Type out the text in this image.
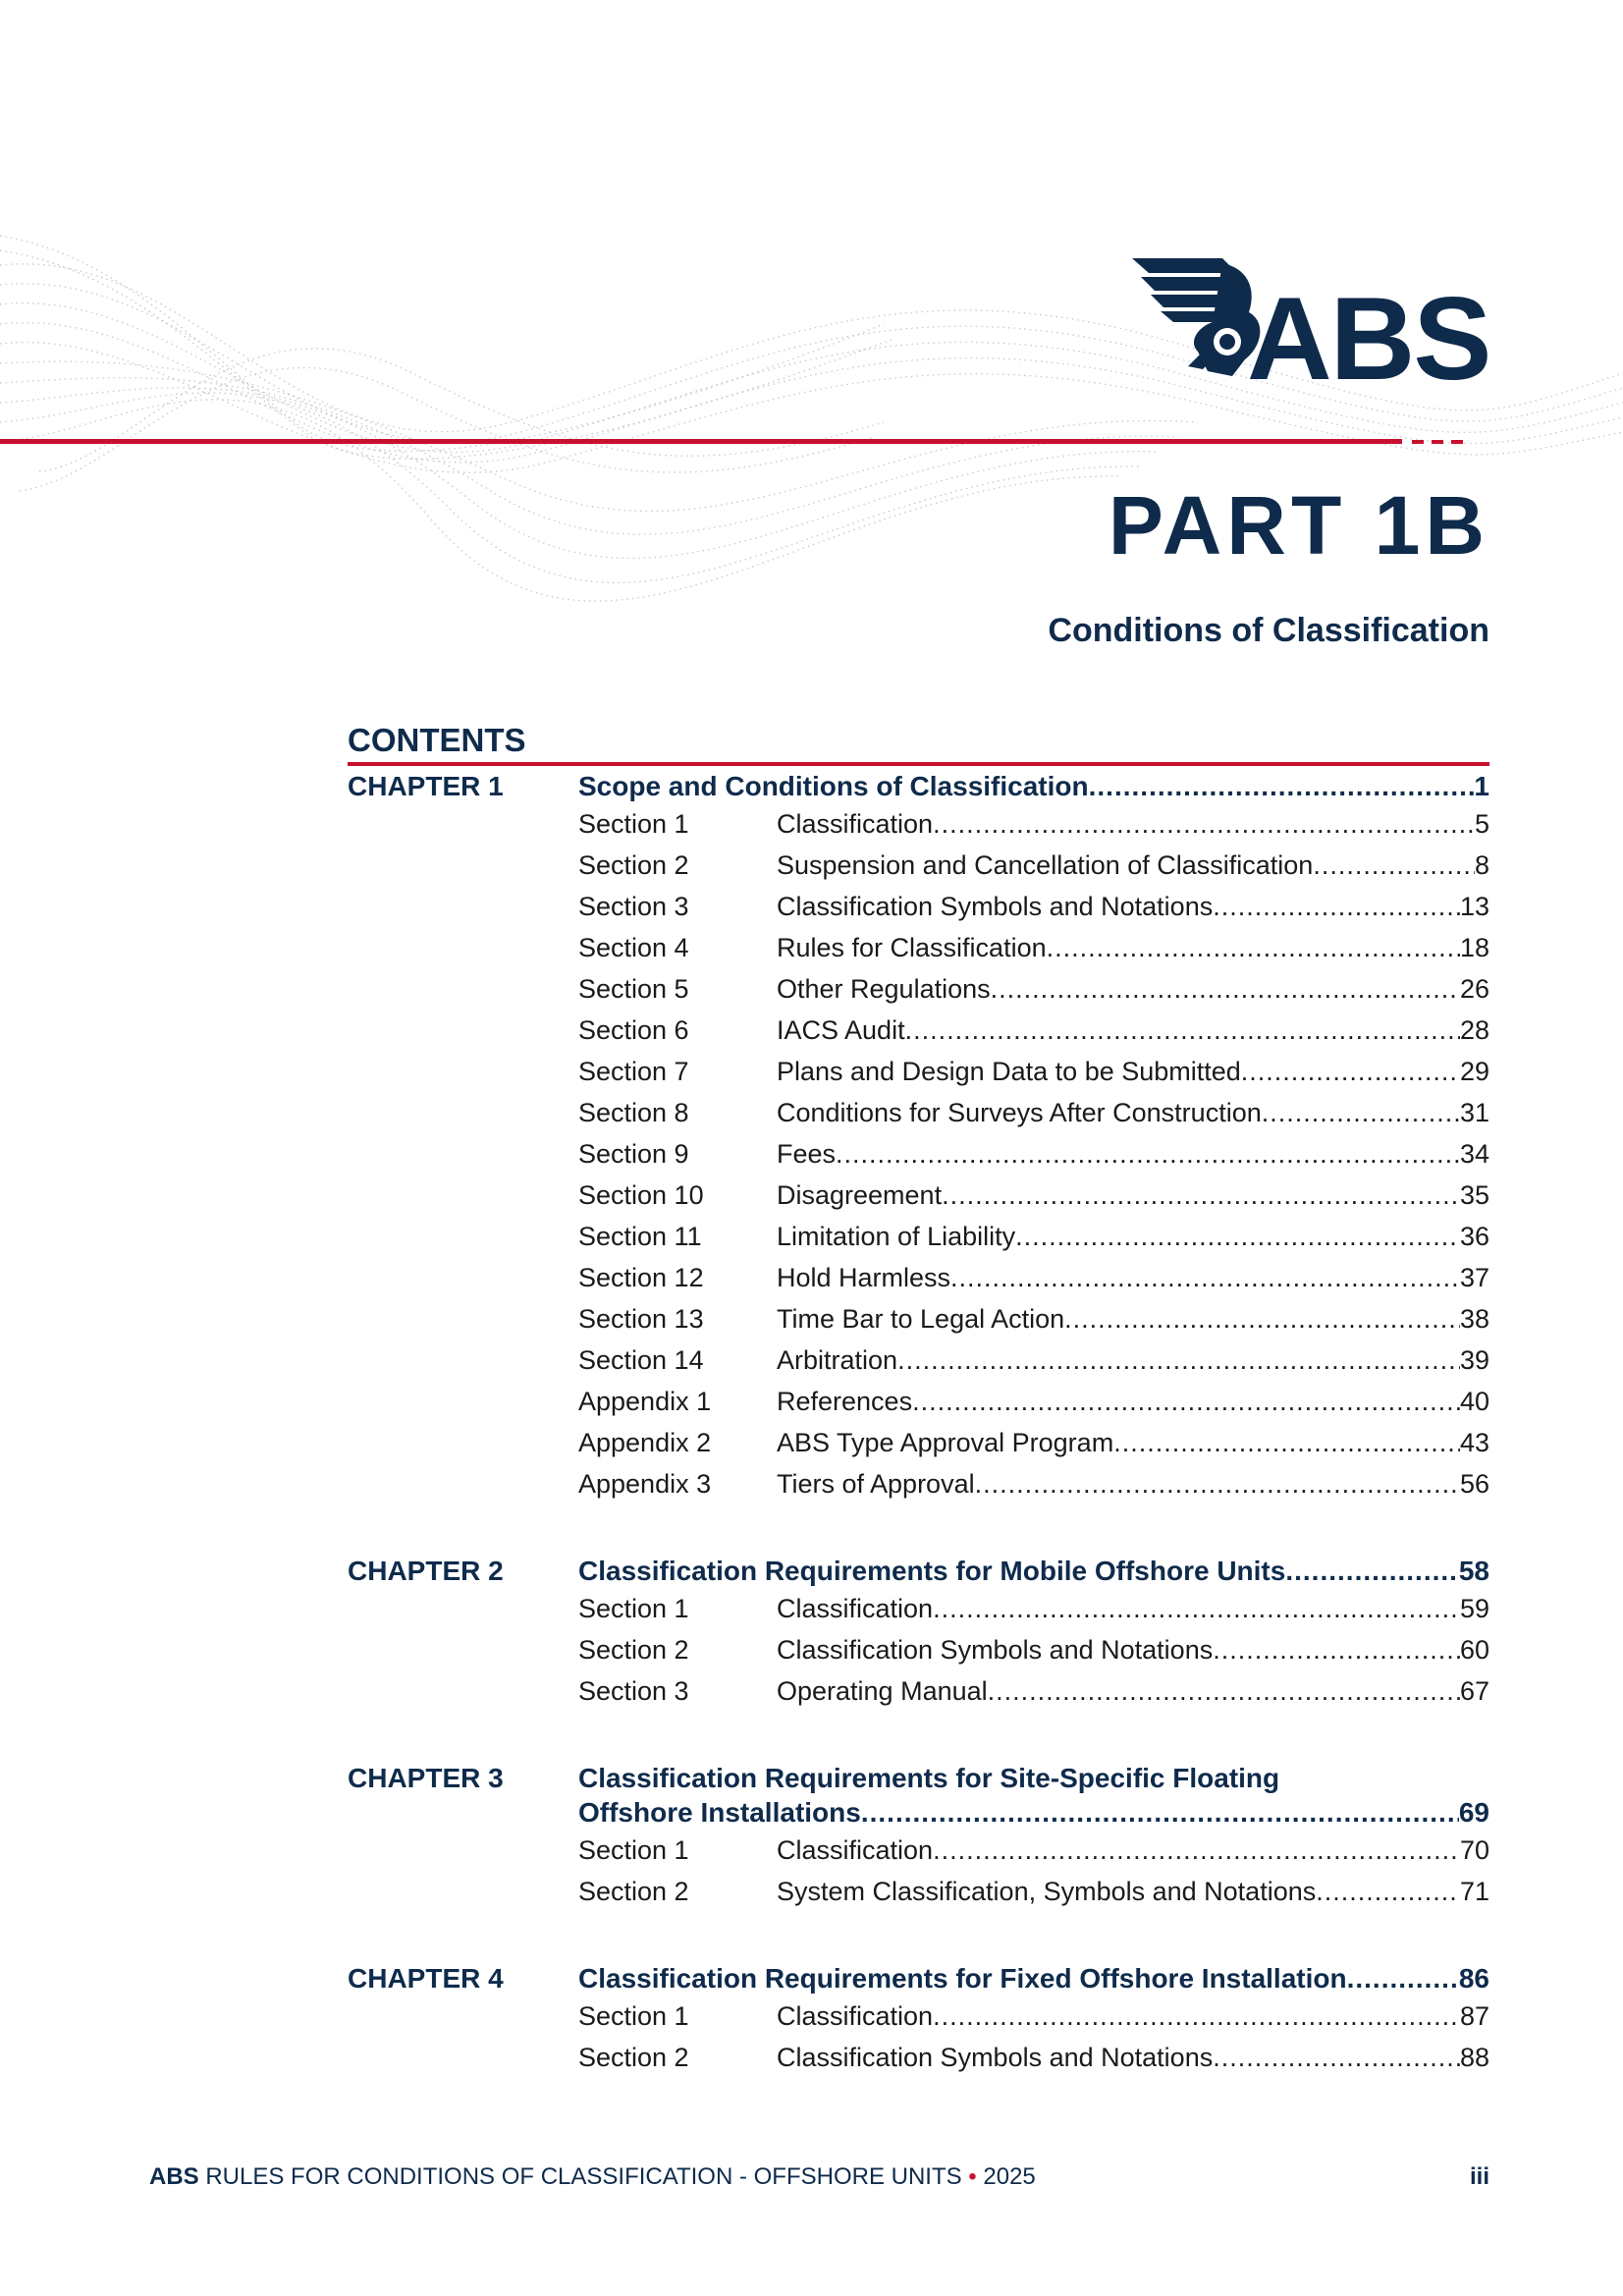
ABS
PART 1B
Conditions of Classification
CONTENTS
CHAPTER 1	Scope and Conditions of Classification .....	1
Section 1	Classification .....	5
Section 2	Suspension and Cancellation of Classification .....	8
Section 3	Classification Symbols and Notations .....	13
Section 4	Rules for Classification .....	18
Section 5	Other Regulations .....	26
Section 6	IACS Audit .....	28
Section 7	Plans and Design Data to be Submitted .....	29
Section 8	Conditions for Surveys After Construction .....	31
Section 9	Fees .....	34
Section 10	Disagreement .....	35
Section 11	Limitation of Liability .....	36
Section 12	Hold Harmless .....	37
Section 13	Time Bar to Legal Action .....	38
Section 14	Arbitration .....	39
Appendix 1	References .....	40
Appendix 2	ABS Type Approval Program .....	43
Appendix 3	Tiers of Approval .....	56
CHAPTER 2	Classification Requirements for Mobile Offshore Units .....	58
Section 1	Classification .....	59
Section 2	Classification Symbols and Notations .....	60
Section 3	Operating Manual .....	67
CHAPTER 3	Classification Requirements for Site-Specific Floating
Offshore Installations .....	69
Section 1	Classification .....	70
Section 2	System Classification, Symbols and Notations .....	71
CHAPTER 4	Classification Requirements for Fixed Offshore Installation .....	86
Section 1	Classification .....	87
Section 2	Classification Symbols and Notations .....	88
ABS RULES FOR CONDITIONS OF CLASSIFICATION - OFFSHORE UNITS • 2025	iii
